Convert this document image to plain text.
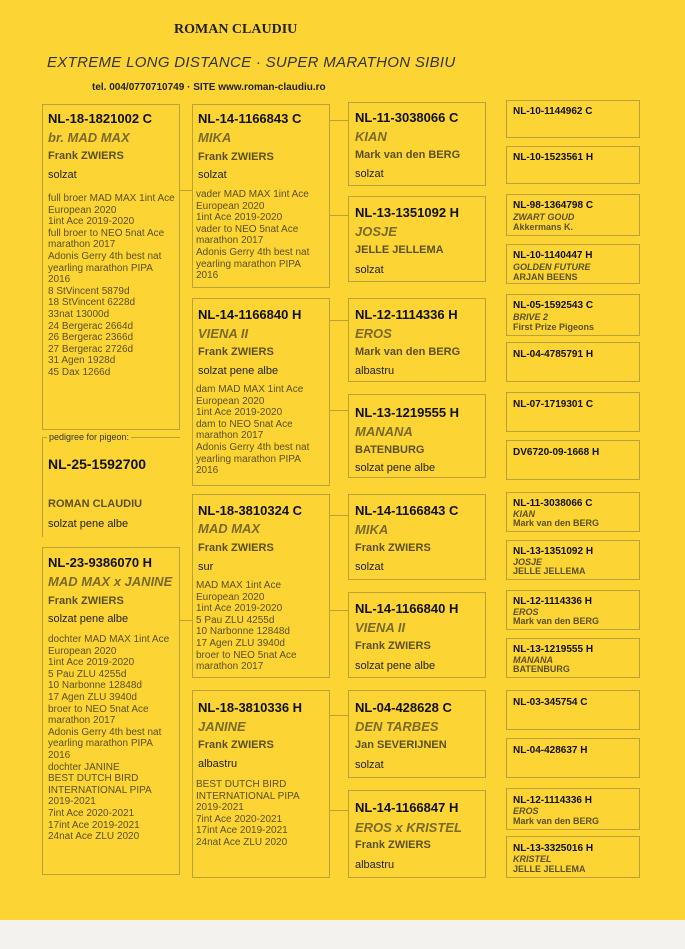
ROMAN CLAUDIU
EXTREME LONG DISTANCE · SUPER MARATHON SIBIU
tel. 004/0770710749 · SITE www.roman-claudiu.ro
NL-18-1821002 C
br. MAD MAX
Frank ZWIERS
solzat
full broer MAD MAX 1int Ace
European 2020
1int Ace 2019-2020
full broer to NEO 5nat Ace
marathon 2017
Adonis Gerry 4th best nat
yearling marathon PIPA
2016
8 StVincent 5879d
18 StVincent 6228d
33nat 13000d
24 Bergerac 2664d
26 Bergerac 2366d
27 Bergerac 2726d
31 Agen 1928d
45 Dax 1266d
pedigree for pigeon:
NL-25-1592700
ROMAN CLAUDIU
solzat pene albe
NL-23-9386070 H
MAD MAX x JANINE
Frank ZWIERS
solzat pene albe
dochter MAD MAX 1int Ace
European 2020
1int Ace 2019-2020
5 Pau ZLU 4255d
10 Narbonne 12848d
17 Agen ZLU 3940d
broer to NEO 5nat Ace
marathon 2017
Adonis Gerry 4th best nat
yearling marathon PIPA
2016
dochter JANINE
BEST DUTCH BIRD
INTERNATIONAL PIPA
2019-2021
7int Ace 2020-2021
17int Ace 2019-2021
24nat Ace ZLU 2020
NL-14-1166843 C
MIKA
Frank ZWIERS
solzat
vader MAD MAX 1int Ace
European 2020
1int Ace 2019-2020
vader to NEO 5nat Ace
marathon 2017
Adonis Gerry 4th best nat
yearling marathon PIPA
2016
NL-14-1166840 H
VIENA II
Frank ZWIERS
solzat pene albe
dam MAD MAX 1int Ace
European 2020
1int Ace 2019-2020
dam to NEO 5nat Ace
marathon 2017
Adonis Gerry 4th best nat
yearling marathon PIPA
2016
NL-18-3810324 C
MAD MAX
Frank ZWIERS
sur
MAD MAX 1int Ace
European 2020
1int Ace 2019-2020
5 Pau ZLU 4255d
10 Narbonne 12848d
17 Agen ZLU 3940d
broer to NEO 5nat Ace
marathon 2017
NL-18-3810336 H
JANINE
Frank ZWIERS
albastru
BEST DUTCH BIRD
INTERNATIONAL PIPA
2019-2021
7int Ace 2020-2021
17int Ace 2019-2021
24nat Ace ZLU 2020
NL-11-3038066 C
KIAN
Mark van den BERG
solzat
NL-13-1351092 H
JOSJE
JELLE JELLEMA
solzat
NL-12-1114336 H
EROS
Mark van den BERG
albastru
NL-13-1219555 H
MANANA
BATENBURG
solzat pene albe
NL-14-1166843 C
MIKA
Frank ZWIERS
solzat
NL-14-1166840 H
VIENA II
Frank ZWIERS
solzat pene albe
NL-04-428628 C
DEN TARBES
Jan SEVERIJNEN
solzat
NL-14-1166847 H
EROS x KRISTEL
Frank ZWIERS
albastru
NL-10-1144962 C
NL-10-1523561 H
NL-98-1364798 C
ZWART GOUD
Akkermans K.
NL-10-1140447 H
GOLDEN FUTURE
ARJAN BEENS
NL-05-1592543 C
BRIVE 2
First Prize Pigeons
NL-04-4785791 H
NL-07-1719301 C
DV6720-09-1668 H
NL-11-3038066 C
KIAN
Mark van den BERG
NL-13-1351092 H
JOSJE
JELLE JELLEMA
NL-12-1114336 H
EROS
Mark van den BERG
NL-13-1219555 H
MANANA
BATENBURG
NL-03-345754 C
NL-04-428637 H
NL-12-1114336 H
EROS
Mark van den BERG
NL-13-3325016 H
KRISTEL
JELLE JELLEMA
